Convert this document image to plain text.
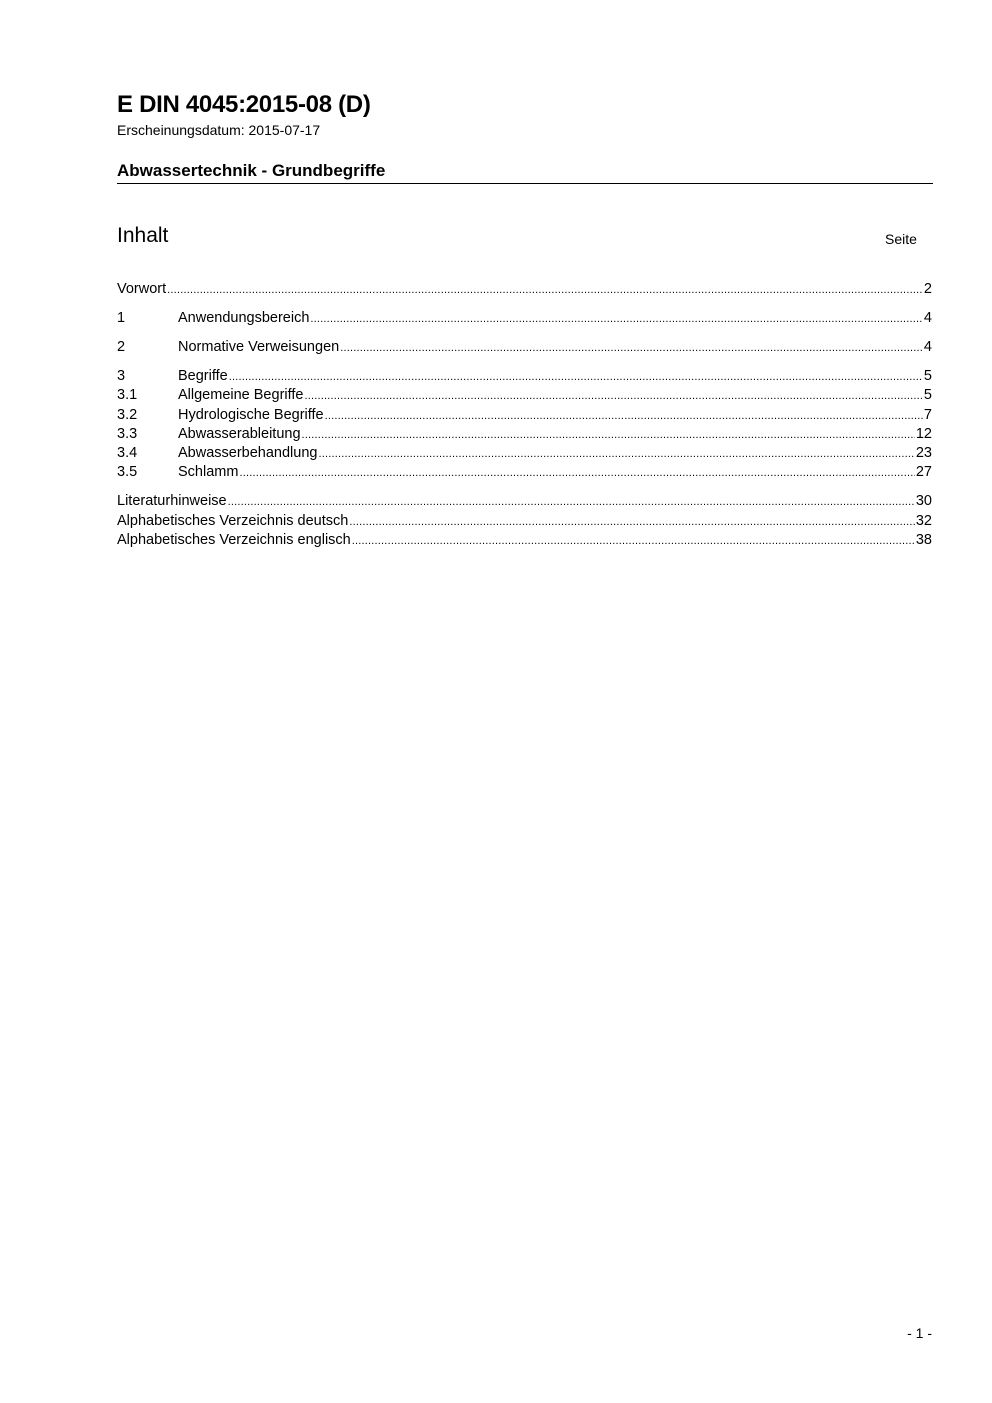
E DIN 4045:2015-08 (D)
Erscheinungsdatum: 2015-07-17
Abwassertechnik - Grundbegriffe
Inhalt	Seite
Vorwort .....	2
1	Anwendungsbereich .....	4
2	Normative Verweisungen .....	4
3	Begriffe .....	5
3.1	Allgemeine Begriffe .....	5
3.2	Hydrologische Begriffe .....	7
3.3	Abwasserableitung .....	12
3.4	Abwasserbehandlung .....	23
3.5	Schlamm .....	27
Literaturhinweise .....	30
Alphabetisches Verzeichnis deutsch .....	32
Alphabetisches Verzeichnis englisch .....	38
- 1 -
